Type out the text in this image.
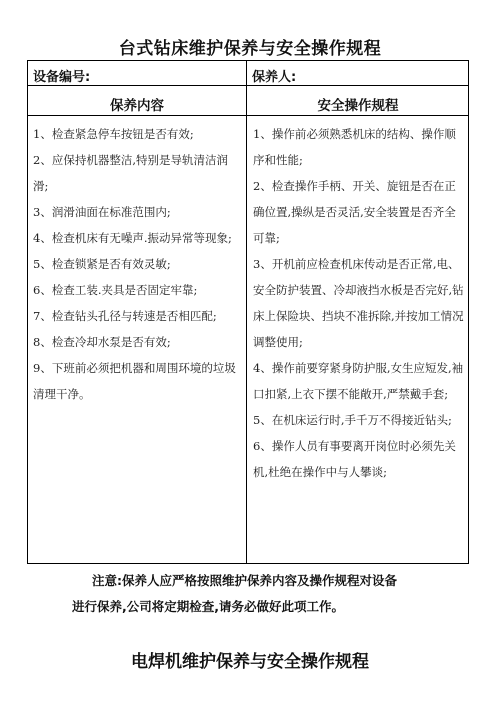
台式钻床维护保养与安全操作规程
设备编号:	保养人:
保养内容	安全操作规程

1、检查紧急停车按钮是否有效;

2、应保持机器整洁,特别是导轨清洁润滑;

3、润滑油面在标准范围内;

4、检查机床有无噪声.振动异常等现象;

5、检查锁紧是否有效灵敏;

6、检查工装.夹具是否固定牢靠;

7、检查钻头孔径与转速是否相匹配;

8、检查冷却水泵是否有效;

9、下班前必须把机器和周围环境的垃圾清理干净。

1、操作前必须熟悉机床的结构、操作顺序和性能;

2、检查操作手柄、开关、旋钮是否在正确位置,操纵是否灵活,安全装置是否齐全可靠;

3、开机前应检查机床传动是否正常,电、安全防护装置、冷却液挡水板是否完好,钻床上保险块、挡块不准拆除,并按加工情况调整使用;

4、操作前要穿紧身防护服,女生应短发,袖口扣紧,上衣下摆不能敞开,严禁戴手套;

5、在机床运行时,手千万不得接近钻头;

6、操作人员有事要离开岗位时必须先关机,杜绝在操作中与人攀谈;

注意:保养人应严格按照维护保养内容及操作规程对设备
进行保养,公司将定期检查,请务必做好此项工作。
电焊机维护保养与安全操作规程
